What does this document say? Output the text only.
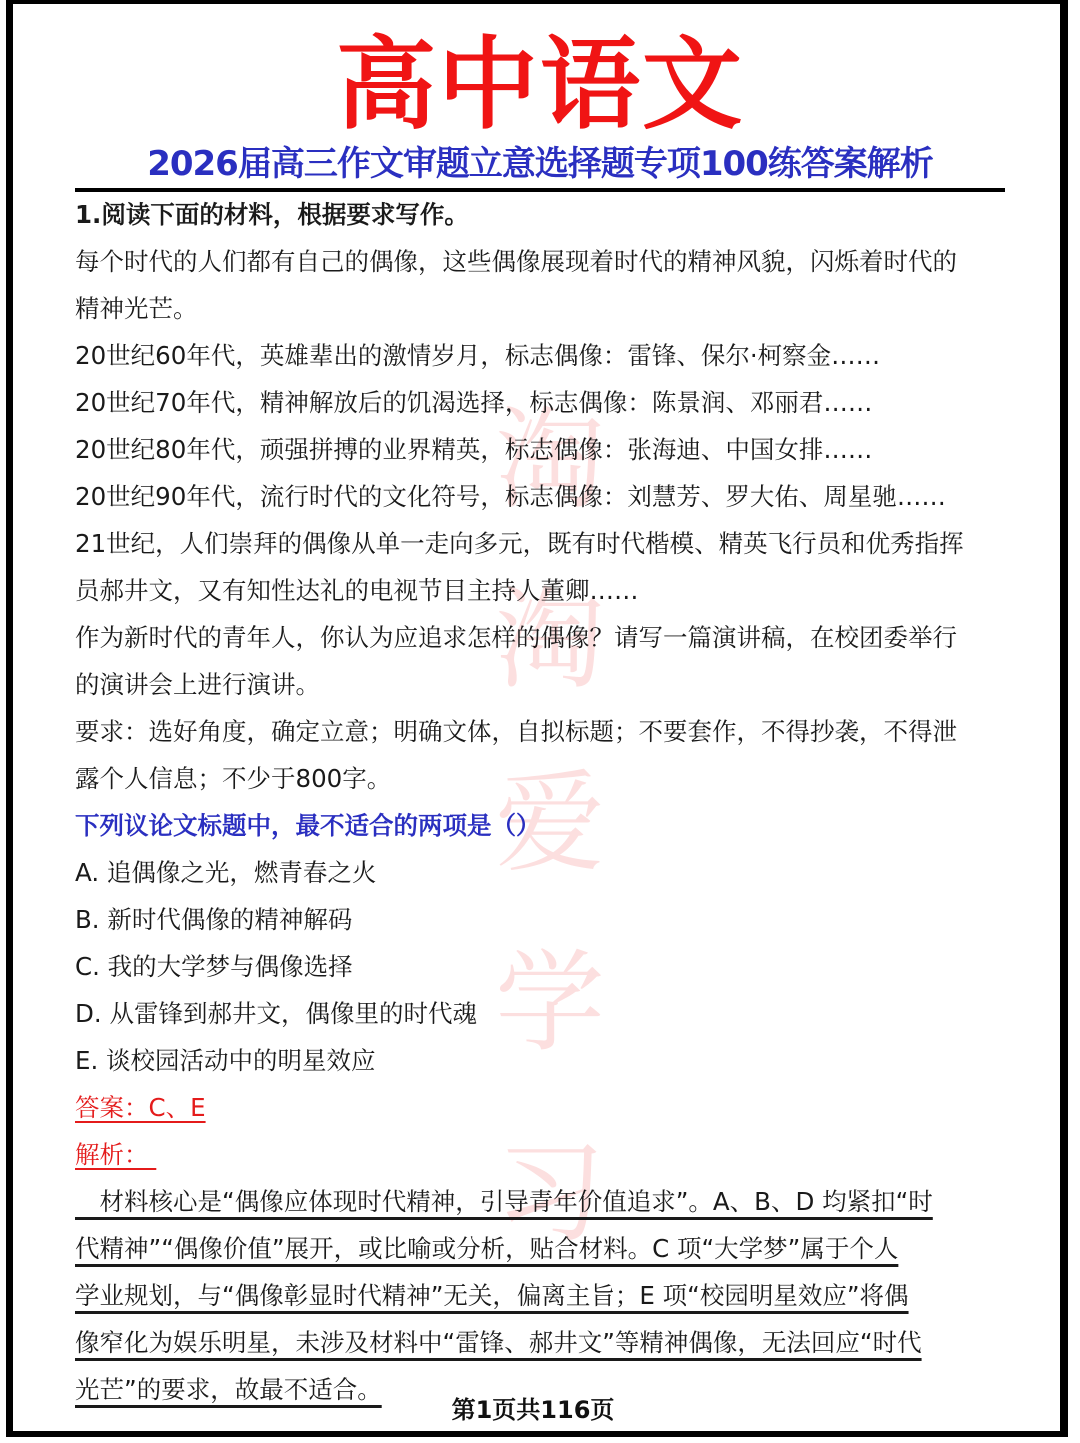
淘
淘
爱
学
习
高中语文
2026届高三作文审题立意选择题专项100练答案解析
1.阅读下面的材料，根据要求写作。
每个时代的人们都有自己的偶像，这些偶像展现着时代的精神风貌，闪烁着时代的
精神光芒。
20世纪60年代，英雄辈出的激情岁月，标志偶像：雷锋、保尔·柯察金……
20世纪70年代，精神解放后的饥渴选择，标志偶像：陈景润、邓丽君……
20世纪80年代，顽强拼搏的业界精英，标志偶像：张海迪、中国女排……
20世纪90年代，流行时代的文化符号，标志偶像：刘慧芳、罗大佑、周星驰……
21世纪，人们崇拜的偶像从单一走向多元，既有时代楷模、精英飞行员和优秀指挥
员郝井文，又有知性达礼的电视节目主持人董卿……
作为新时代的青年人，你认为应追求怎样的偶像？请写一篇演讲稿，在校团委举行
的演讲会上进行演讲。
要求：选好角度，确定立意；明确文体，自拟标题；不要套作，不得抄袭，不得泄
露个人信息；不少于800字。
下列议论文标题中，最不适合的两项是（）
A. 追偶像之光，燃青春之火
B. 新时代偶像的精神解码
C. 我的大学梦与偶像选择
D. 从雷锋到郝井文，偶像里的时代魂
E. 谈校园活动中的明星效应
答案：C、E
解析：
　材料核心是“偶像应体现时代精神，引导青年价值追求”。A、B、D 均紧扣“时
代精神”“偶像价值”展开，或比喻或分析，贴合材料。C 项“大学梦”属于个人
学业规划，与“偶像彰显时代精神”无关，偏离主旨；E 项“校园明星效应”将偶
像窄化为娱乐明星，未涉及材料中“雷锋、郝井文”等精神偶像，无法回应“时代
光芒”的要求，故最不适合。
第1页共116页
